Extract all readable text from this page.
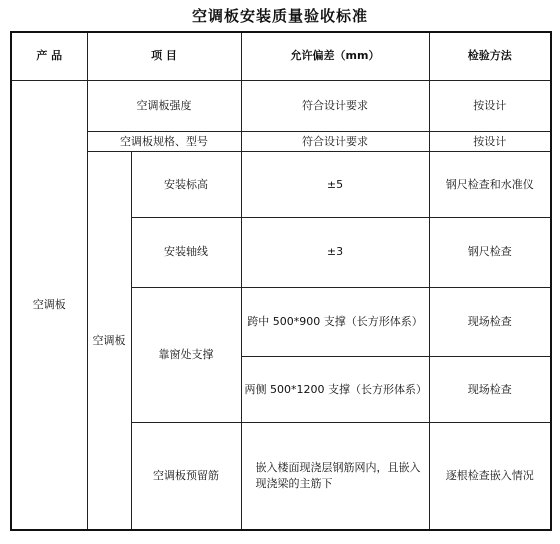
空调板安装质量验收标准
产 品	项 目		允许偏差（mm）	检验方法
空调板	空调板强度		符合设计要求	按设计
	空调板规格、型号		符合设计要求	按设计
	空调板	安装标高	±5	钢尺检查和水准仪
		安装轴线	±3	钢尺检查
		靠窗处支撑	跨中 500*900 支撑（长方形体系）	现场检查
			两侧 500*1200 支撑（长方形体系）	现场检查
		空调板预留筋	嵌入楼面现浇层钢筋网内，且嵌入现浇梁的主筋下	逐根检查嵌入情况
